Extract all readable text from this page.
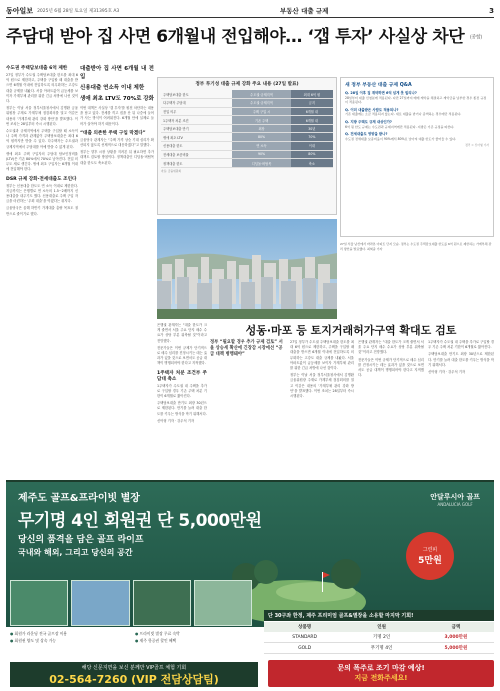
동아일보 2025년 6월 28일 토요일 제31395호 A3	부동산 대출 규제	3
주담대 받아 집 사면 6개월내 전입해야… ‘갭 투자’ 사실상 차단 (종합)
수도권 주택담보대출 6억 제한

27일 정부가 수도권 주택담보대출 한도를 최대 6억 원으로 제한하고, 주택을 구입할 때 대출을 받으면 6개월 이내에 전입하도록 의무화하는 고강도 대출 규제를 내놨다. 서울 아파트값이 급등세를 보이자 가계부채 관리를 위한 긴급 처방에 나선 것이다.

정부는 이날 서울 정부서울청사에서 김병환 금융위원장 주재로 가계부채 점검회의를 열고 이같은 내용의 ‘가계부채 관리 강화 방안’을 발표했다. 이번 조치는 28일부터 즉시 시행된다.

수도권과 규제지역에서 주택을 구입할 때 소득이나 주택 가격과 관계없이 주택담보대출은 최대 6억 원까지만 받을 수 있다. 다주택자는 수도권과 규제지역에서 주담대를 아예 받을 수 없게 된다.

생애 최초 주택 구입자의 주담대 담보인정비율(LTV)은 기존 80%에서 70%로 낮아진다. 전입 의무도 새로 생긴다. 생애 최초 구입자는 6개월 이내에 전입해야 한다.

DSR 규제 강화·전세대출도 조인다

정부는 신용대출 한도도 연 소득 이내로 제한한다. 지금까지는 은행별로 연 소득의 1.5~2배까지 신용대출을 내주기도 했다. 신용대출로 주택 구입 자금을 마련하는 ‘우회 대출’을 막겠다는 취지다.

금융당국은 올해 하반기 가계대출 총량 목표도 절반으로 줄이기로 했다.

대출받아 집 사면 6개월 내 전입
신용대출 연소득 이내 제한
생애 최초 LTV도 70%로 강화

이번 대책은 사실상 ‘갭 투자’를 원천 차단하는 내용을 담고 있다. 전세를 끼고 집을 산 뒤 나중에 들어가 사는 방식이 어려워진다. 6개월 안에 실제로 들어가 살아야 하기 때문이다.

“대출 의존한 주택 구입 막겠다”

금융당국 관계자는 “주택 가격 상승 기대 심리가 확산되지 않도록 선제적으로 대응하겠다”고 말했다.

정부는 향후 시장 상황을 지켜본 뒤 필요하면 추가 대책도 검토할 방침이다. 정책대출인 디딤돌·버팀목 대출 한도도 축소된다.

은행권 관계자는 “대출 한도가 크게 줄면서 서울 주요 단지 매수 수요가 상당 부분 위축될 것”이라고 전망했다.

전문가들은 이번 규제가 단기적으로 매수 심리를 진정시키는 데는 효과가 있을 것으로 보면서도 공급 대책이 병행되어야 한다고 지적했다.

1주택자 처분 조건부 주담대 축소

1주택자가 수도권 내 주택을 추가로 구입할 경우 기존 주택 처분 기한이 6개월로 짧아진다.

주택담보대출 만기도 최장 30년으로 제한된다. 만기를 늘려 대출 한도를 키우는 방식을 막기 위해서다.

신아형 기자 · 강우석 기자

정부 투기성 대출 규제 강화 주요 내용 (27일 발표)
주택담보대출 한도	수도권·규제지역	최대 6억 원
다주택자 주담대	수도권·규제지역	금지
전입 의무	주택 구입 시	6개월 내
1주택자 처분 조건	기존 주택	6개월 내
주택담보대출 만기	최장	30년
생애 최초 LTV	80%	70%
신용대출 한도	연 소득	이내
전세대출 보증비율	90%	80%
정책대출 한도	디딤돌·버팀목	축소
자료: 금융위원회
새 정부 부동산 대출 규제 Q&A
Q. 28일 이후 집 계약하면 6억 넘게 못 빌리나?
28일부터 대출 신청분에 적용된다. 다만 27일까지 매매 계약을 체결하고 계약금을 납부한 경우 종전 규정이 적용된다.
Q. 이미 대출받은 사람도 적용되나?
기존 대출에는 소급 적용되지 않는다. 새로 대출을 받거나 증액하는 경우에만 적용된다.
Q. 지방 주택도 규제 대상인가?
6억 원 한도 규제는 수도권과 규제지역에만 적용된다. 지방은 기존 규정을 따른다.
Q. 전세대출도 영향을 받나?
수도권 전세대출 보증비율이 90%에서 80%로 낮아져 대출 한도가 줄어들 수 있다.
정리 = 신아형 기자
27일 서울 남산에서 바라본 아파트 단지 모습. 정부는 수도권 주택담보대출 한도를 6억 원으로 제한하는 가계부채 관리 방안을 발표했다. 최혁중 기자
성동·마포 등 토지거래허가구역 확대도 검토
정부 “필요할 경우 추가 규제 검토” 서울 상승세 확산에 긴장감 시장에선 “공급 대책 병행돼야”

27일 정부가 수도권 주택담보대출 한도를 최대 6억 원으로 제한하고, 주택을 구입할 때 대출을 받으면 6개월 이내에 전입하도록 의무화하는 고강도 대출 규제를 내놨다. 서울 아파트값이 급등세를 보이자 가계부채 관리를 위한 긴급 처방에 나선 것이다.

정부는 이날 서울 정부서울청사에서 김병환 금융위원장 주재로 가계부채 점검회의를 열고 이같은 내용의 ‘가계부채 관리 강화 방안’을 발표했다. 이번 조치는 28일부터 즉시 시행된다.

은행권 관계자는 “대출 한도가 크게 줄면서 서울 주요 단지 매수 수요가 상당 부분 위축될 것”이라고 전망했다.

전문가들은 이번 규제가 단기적으로 매수 심리를 진정시키는 데는 효과가 있을 것으로 보면서도 공급 대책이 병행되어야 한다고 지적했다.

1주택자가 수도권 내 주택을 추가로 구입할 경우 기존 주택 처분 기한이 6개월로 짧아진다.

주택담보대출 만기도 최장 30년으로 제한된다. 만기를 늘려 대출 한도를 키우는 방식을 막기 위해서다.

신아형 기자 · 강우석 기자

제주도 골프&프라이빗 별장
무기명 4인 회원권 단 5,000만원
당신의 품격을 담은 골프 라이프
국내와 해외, 그리고 당신의 공간
안달루시아 골프
ANDALUCIA GOLF
그린피
5만원
단 30구좌 한정, 제주 프리미엄 골프&별장을 소유할 마지막 기회!
상품명	인원	금액
STANDARD	기명 2인	3,000만원
GOLD	무기명 4인	5,000만원
● 회원가 라운딩 전국 골프장 이용	● 프라이빗 별장 무료 숙박
● 회원권 양도 및 상속 가능	● 제주 항공권 할인 혜택
해당 신문지면을 보신 분께만 VIP골프 체험 기회
02-564-7260 (VIP 전담상담팀)
문의 폭주로 조기 마감 예상!
지금 전화주세요!
